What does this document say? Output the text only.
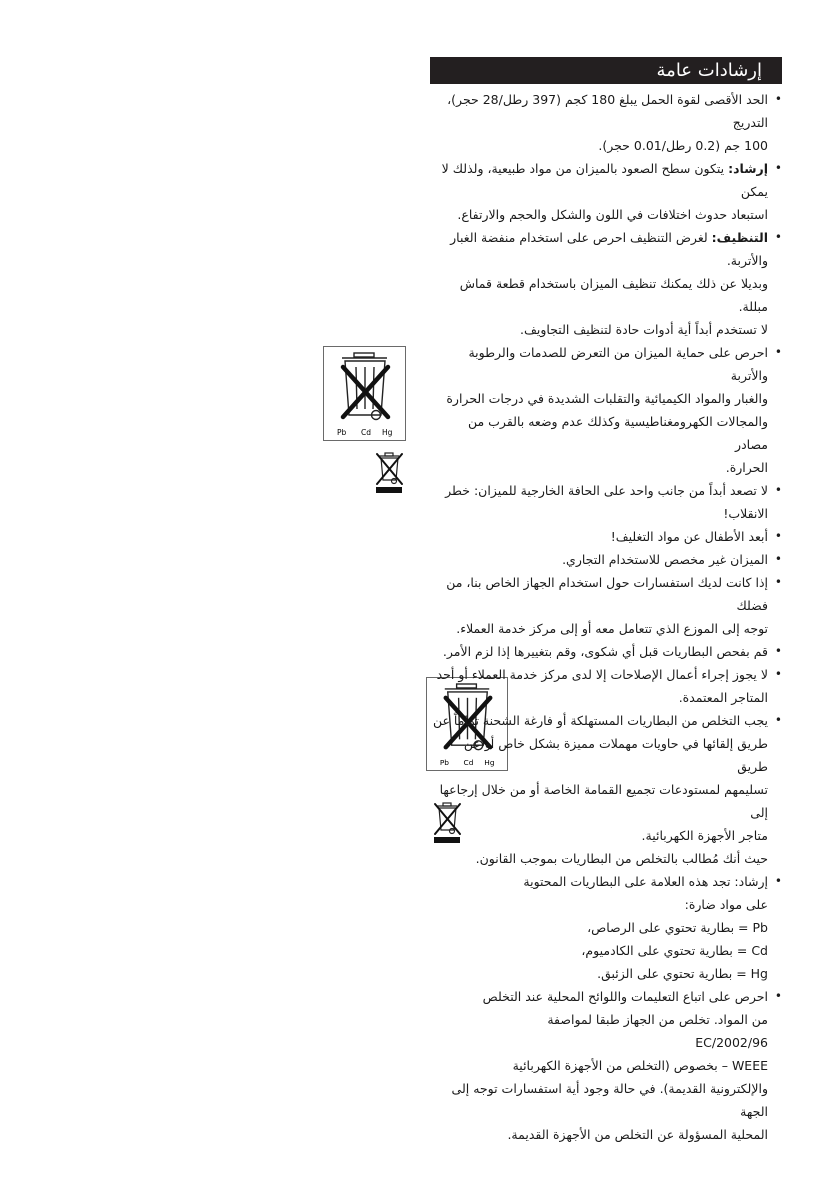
إرشادات عامة
Pb Cd Hg
Pb Cd Hg

• الحد الأقصى لقوة الحمل يبلغ 180 كجم (397 رطل/28 حجر)، التدريج

100 جم (0.2 رطل/0.01 حجر).

• إرشاد: يتكون سطح الصعود بالميزان من مواد طبيعية، ولذلك لا يمكن

استبعاد حدوث اختلافات في اللون والشكل والحجم والارتفاع.

• التنظيف: لغرض التنظيف احرص على استخدام منفضة الغبار والأتربة.

وبديلا عن ذلك يمكنك تنظيف الميزان باستخدام قطعة قماش مبللة.

لا تستخدم أبداً أية أدوات حادة لتنظيف التجاويف.

• احرص على حماية الميزان من التعرض للصدمات والرطوبة والأتربة

والغبار والمواد الكيميائية والتقلبات الشديدة في درجات الحرارة

والمجالات الكهرومغناطيسية وكذلك عدم وضعه بالقرب من مصادر

الحرارة.

• لا تصعد أبداً من جانب واحد على الحافة الخارجية للميزان: خطر

الانقلاب!

• أبعد الأطفال عن مواد التغليف!

• الميزان غير مخصص للاستخدام التجاري.

• إذا كانت لديك استفسارات حول استخدام الجهاز الخاص بنا، من فضلك

توجه إلى الموزع الذي تتعامل معه أو إلى مركز خدمة العملاء.

• قم بفحص البطاريات قبل أي شكوى، وقم بتغييرها إذا لزم الأمر.

• لا يجوز إجراء أعمال الإصلاحات إلا لدى مركز خدمة العملاء أو أحد

المتاجر المعتمدة.

• يجب التخلص من البطاريات المستهلكة أو فارغة الشحنة تماماً عن

طريق إلقائها في حاويات مهملات مميزة بشكل خاص أو عن طريق

تسليمهم لمستودعات تجميع القمامة الخاصة أو من خلال إرجاعها إلى

متاجر الأجهزة الكهربائية.

حيث أنك مُطالب بالتخلص من البطاريات بموجب القانون.

• إرشاد: تجد هذه العلامة على البطاريات المحتوية

على مواد ضارة:

Pb = بطارية تحتوي على الرصاص،

Cd = بطارية تحتوي على الكادميوم،

Hg = بطارية تحتوي على الزئبق.

• احرص على اتباع التعليمات واللوائح المحلية عند التخلص

من المواد. تخلص من الجهاز طبقا لمواصفة 2002/96/EC

WEEE – بخصوص (التخلص من الأجهزة الكهربائية

والإلكترونية القديمة). في حالة وجود أية استفسارات توجه إلى الجهة

المحلية المسؤولة عن التخلص من الأجهزة القديمة.
